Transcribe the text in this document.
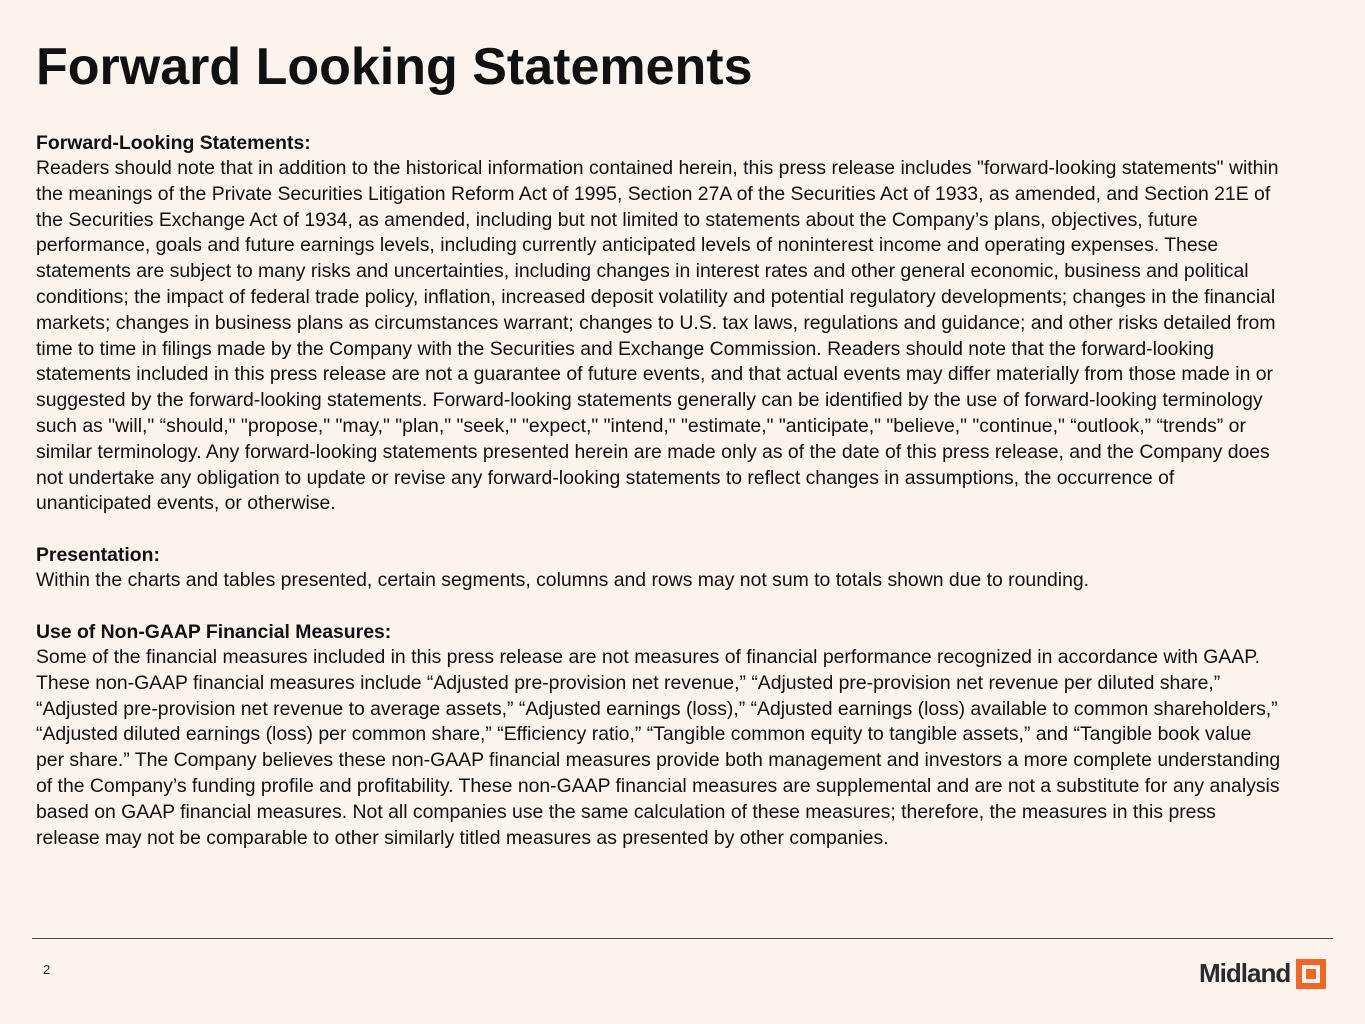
Forward Looking Statements
Forward-Looking Statements:

Readers should note that in addition to the historical information contained herein, this press release includes "forward-looking statements" within the meanings of the Private Securities Litigation Reform Act of 1995, Section 27A of the Securities Act of 1933, as amended, and Section 21E of the Securities Exchange Act of 1934, as amended, including but not limited to statements about the Company’s plans, objectives, future performance, goals and future earnings levels, including currently anticipated levels of noninterest income and operating expenses. These statements are subject to many risks and uncertainties, including changes in interest rates and other general economic, business and political conditions; the impact of federal trade policy, inflation, increased deposit volatility and potential regulatory developments; changes in the financial markets; changes in business plans as circumstances warrant; changes to U.S. tax laws, regulations and guidance; and other risks detailed from time to time in filings made by the Company with the Securities and Exchange Commission. Readers should note that the forward-looking statements included in this press release are not a guarantee of future events, and that actual events may differ materially from those made in or suggested by the forward-looking statements. Forward-looking statements generally can be identified by the use of forward-looking terminology such as "will," “should," "propose," "may," "plan," "seek," "expect," "intend," "estimate," "anticipate," "believe," "continue," “outlook,” “trends” or similar terminology. Any forward-looking statements presented herein are made only as of the date of this press release, and the Company does not undertake any obligation to update or revise any forward-looking statements to reflect changes in assumptions, the occurrence of unanticipated events, or otherwise.

Presentation:

Within the charts and tables presented, certain segments, columns and rows may not sum to totals shown due to rounding.

Use of Non-GAAP Financial Measures:

Some of the financial measures included in this press release are not measures of financial performance recognized in accordance with GAAP. These non-GAAP financial measures include “Adjusted pre-provision net revenue,” “Adjusted pre-provision net revenue per diluted share,” “Adjusted pre-provision net revenue to average assets,” “Adjusted earnings (loss),” “Adjusted earnings (loss) available to common shareholders,” “Adjusted diluted earnings (loss) per common share,” “Efficiency ratio,” “Tangible common equity to tangible assets,” and “Tangible book value per share.” The Company believes these non-GAAP financial measures provide both management and investors a more complete understanding of the Company’s funding profile and profitability. These non-GAAP financial measures are supplemental and are not a substitute for any analysis based on GAAP financial measures. Not all companies use the same calculation of these measures; therefore, the measures in this press release may not be comparable to other similarly titled measures as presented by other companies.

2	Midland
